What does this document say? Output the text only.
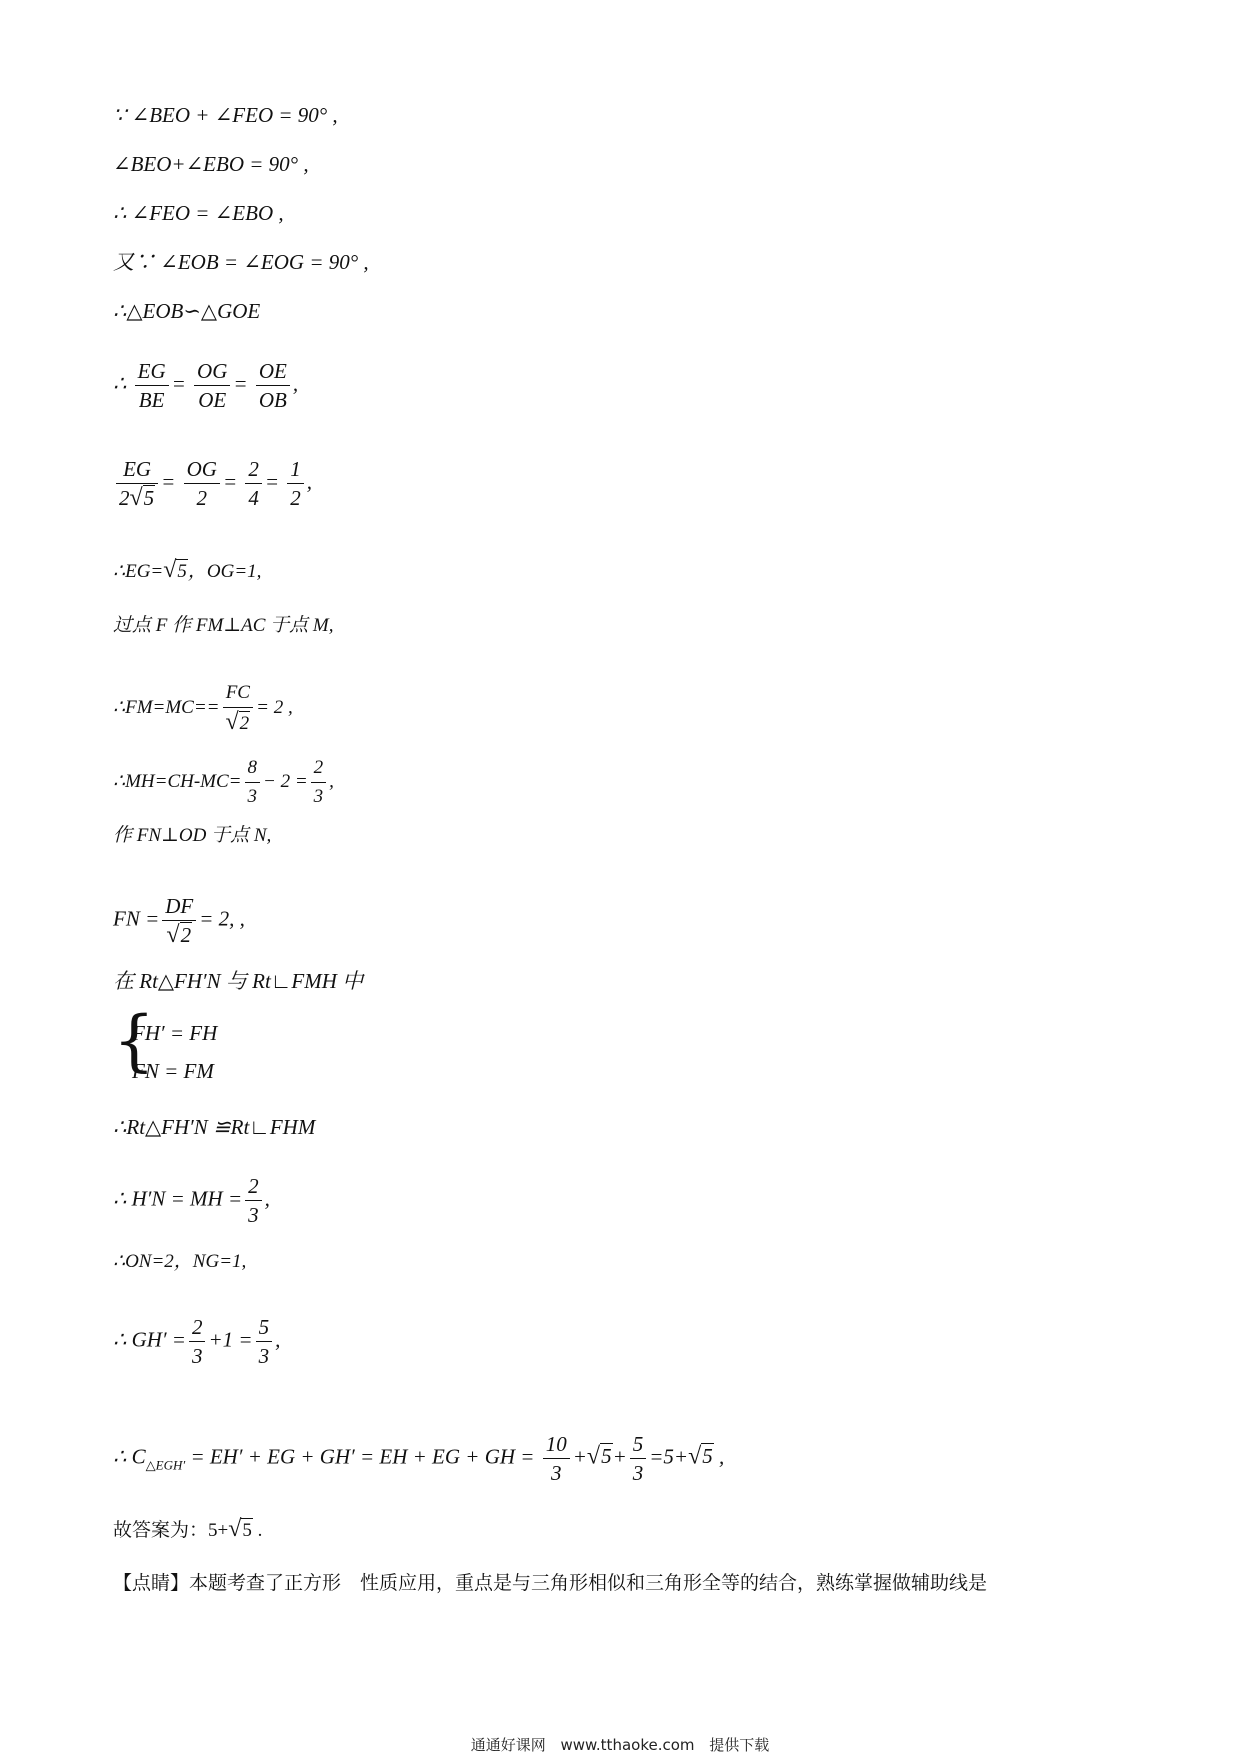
∵ ∠BEO + ∠FEO = 90° ,
∠BEO+∠EBO = 90° ,
∴ ∠FEO = ∠EBO ,
又∵ ∠EOB = ∠EOG = 90° ,
∴△EOB∽△GOE
∴ $\frac{EG}{BE} = \frac{OG}{OE} = \frac{OE}{OB}$ ,
$\frac{EG}{2√5} = \frac{OG}{2} = \frac{2}{4} = \frac{1}{2}$ ,
∴EG=√5，OG=1,
过点 F 作 FM⊥AC 于点 M,
∴FM=MC== $\frac{FC}{√2} = 2$ ,
∴MH=CH-MC= $\frac{8}{3} - 2 = \frac{2}{3}$ ,
作 FN⊥OD 于点 N,
FN = $\frac{DF}{√2} = 2$, ,
在 Rt△FH′N 与 Rt∟FMH 中
{
FH′ = FH
FN = FM
∴Rt△FH′N ≌Rt∟FHM
∴ H′N = MH = $\frac{2}{3}$ ,
∴ON=2，NG=1,
∴ $GH' = \frac{2}{3} +1 = \frac{5}{3}$ ,
∴ $C_{\triangle EGH'} = EH'$ + EG + GH′ = EH + EG + GH = $\frac{10}{3} +√5+ \frac{5}{3} =5+√5$ ,
故答案为：5+√5 .
【点睛】本题考查了正方形　性质应用，重点是与三角形相似和三角形全等的结合，熟练掌握做辅助线是
通通好课网 www.tthaoke.com 提供下载
